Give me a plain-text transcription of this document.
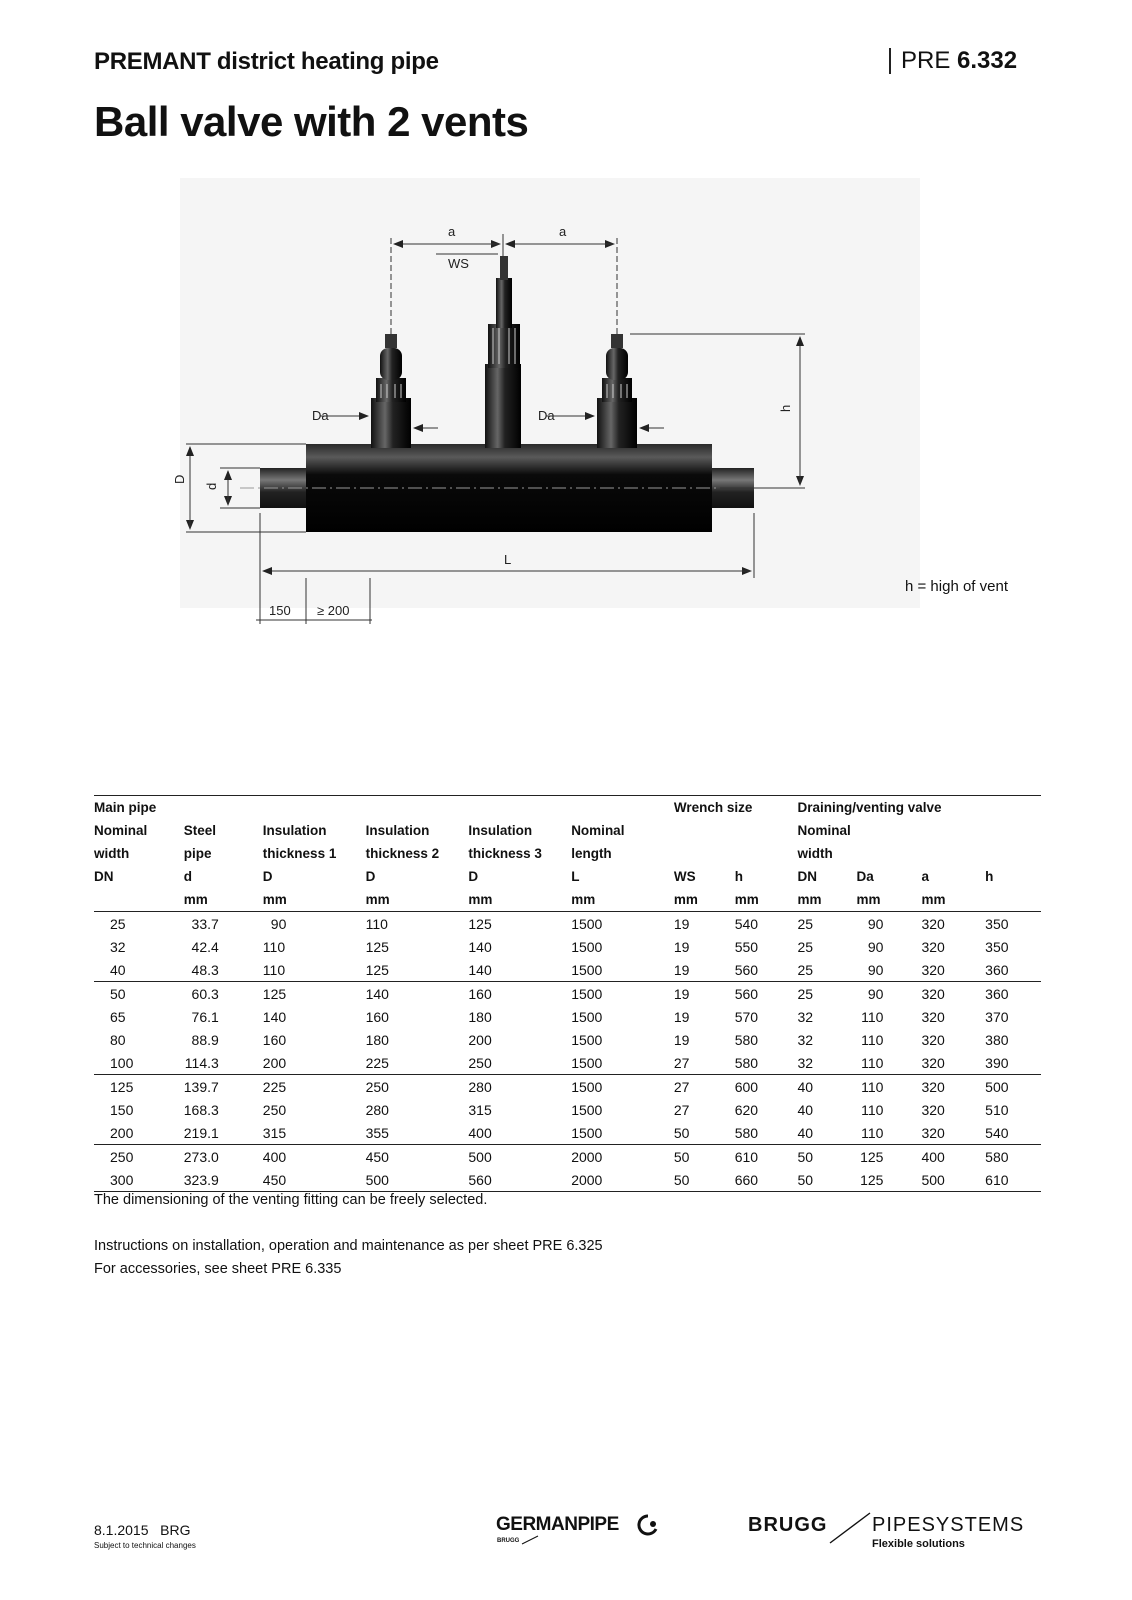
PREMANT district heating pipe	PRE 6.332
Ball valve with 2 vents
a	a
WS
Da	Da	h
D
d
L
150 ≥ 200
h = high of vent
Main pipe						Wrench size		Draining/venting valve			
Nominal	Steel	Insulation	Insulation	Insulation	Nominal			Nominal			
width	pipe	thickness 1	thickness 2	thickness 3	length			width			
DN	d	D	D	D	L	WS	h	DN	Da	a	h
	mm	mm	mm	mm	mm	mm	mm	mm	mm	mm	
25	33.7	90	110	125	1500	19	540	25	90	320	350
32	42.4	110	125	140	1500	19	550	25	90	320	350
40	48.3	110	125	140	1500	19	560	25	90	320	360
50	60.3	125	140	160	1500	19	560	25	90	320	360
65	76.1	140	160	180	1500	19	570	32	110	320	370
80	88.9	160	180	200	1500	19	580	32	110	320	380
100	114.3	200	225	250	1500	27	580	32	110	320	390
125	139.7	225	250	280	1500	27	600	40	110	320	500
150	168.3	250	280	315	1500	27	620	40	110	320	510
200	219.1	315	355	400	1500	50	580	40	110	320	540
250	273.0	400	450	500	2000	50	610	50	125	400	580
300	323.9	450	500	560	2000	50	660	50	125	500	610
The dimensioning of the venting fitting can be freely selected.
Instructions on installation, operation and maintenance as per sheet PRE 6.325
For accessories, see sheet PRE 6.335
8.1.2015   BRG
Subject to technical changes
GERMANPIPE
BRUGG
BRUGG PIPESYSTEMS
Flexible solutions
